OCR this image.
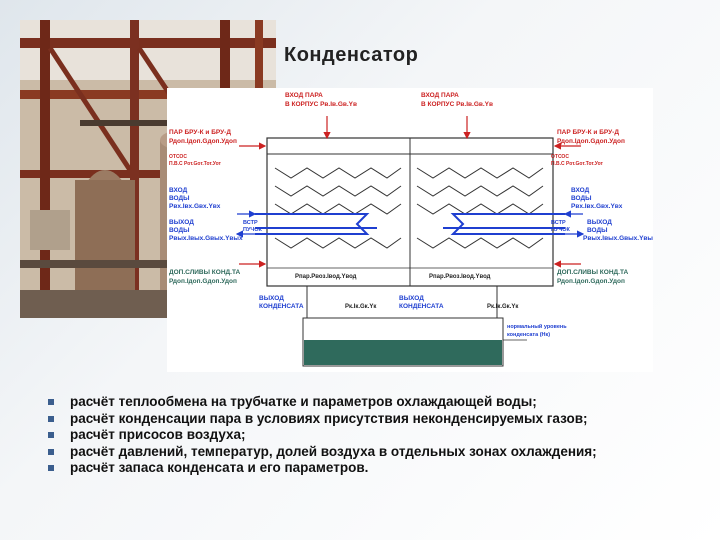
Конденсатор
ВХОД ПАРА
В КОРПУС Рв.Iв.Gв.Yв
ВХОД ПАРА
В КОРПУС Рв.Iв.Gв.Yв
ПАР БРУ-К и БРУ-Д
Рдоп.Iдоп.Gдоп.Удоп
ПАР БРУ-К и БРУ-Д
Рдоп.Iдоп.Gдоп.Удоп
ОТСОС
П.В.С Рот.Gот.Тот.Уот
ОТСОС
П.В.С Рот.Gот.Тот.Уот
ВХОД
ВОДЫ
Рвх.Iвх.Gвх.Yвх
ВХОД
ВОДЫ
Рвх.Iвх.Gвх.Yвх
ВЫХОД
ВОДЫ
Рвых.Iвых.Gвых.Yвых
ВЫХОД
ВОДЫ
Рвых.Iвых.Gвых.Yвых
ВСТР
ПУЧОК
ВСТР
ПУЧОК
ДОП.СЛИВЫ КОНД.ТА
Рдоп.Iдоп.Gдоп.Удоп
ДОП.СЛИВЫ КОНД.ТА
Рдоп.Iдоп.Gдоп.Удоп
Рпар.Рвоз.Iвод.Yвод	Рпар.Рвоз.Iвод.Yвод
ВЫХОД
КОНДЕНСАТА
ВЫХОД
КОНДЕНСАТА
Рк.Iк.Gк.Yк	Рк.Iк.Gк.Yк
нормальный уровень
конденсата (Нк)
расчёт теплообмена на трубчатке и параметров охлаждающей воды;
расчёт конденсации пара в условиях присутствия неконденсируемых газов;
расчёт присосов воздуха;
расчёт давлений, температур, долей воздуха в отдельных зонах охлаждения;
расчёт запаса конденсата и его параметров.
